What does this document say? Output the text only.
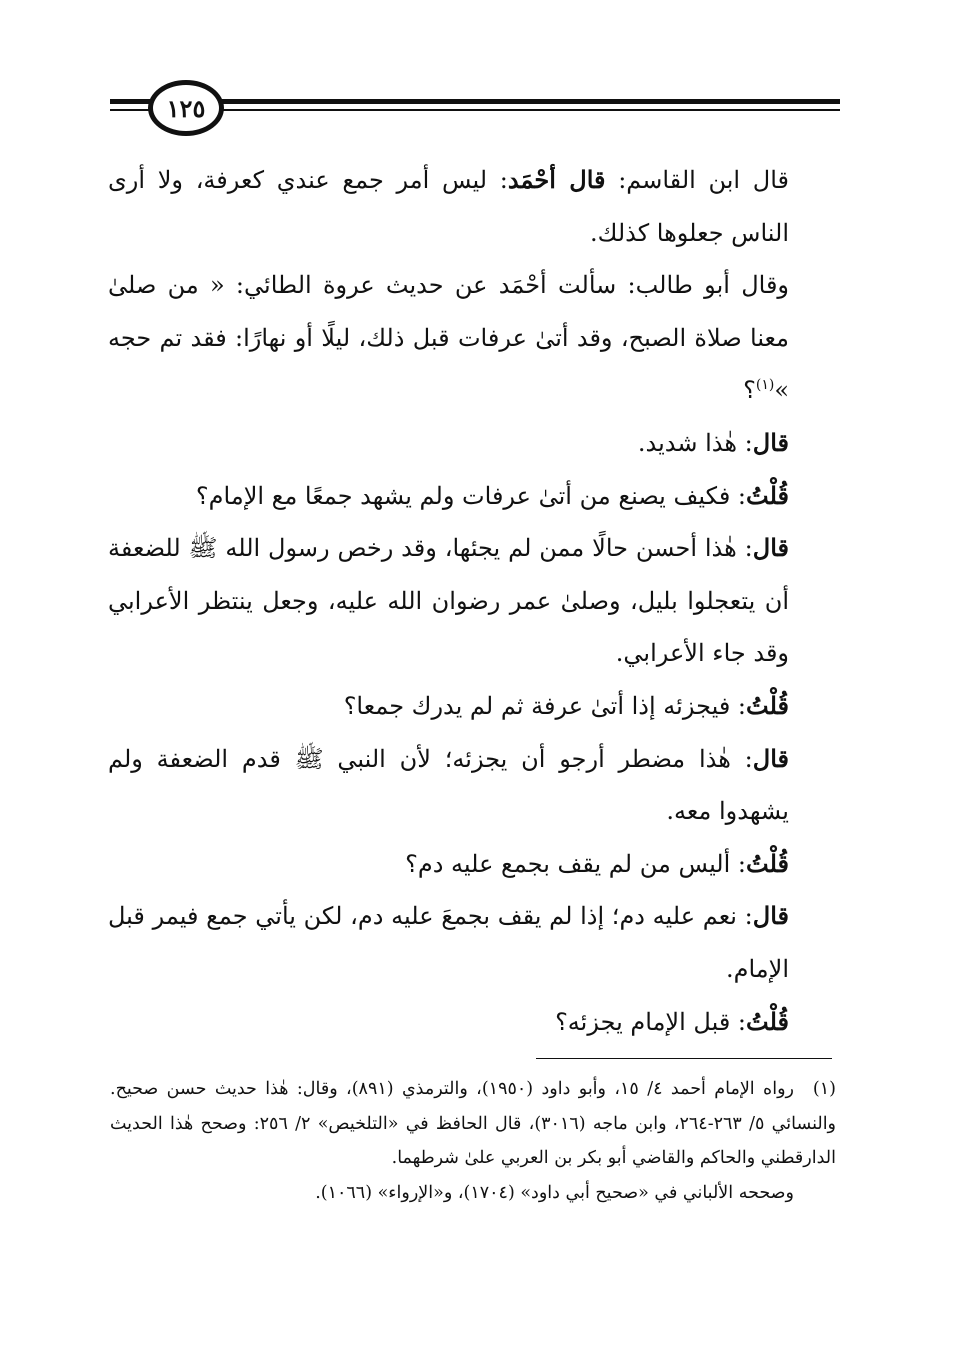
١٢٥

قال ابن القاسم: قال أحْمَد: ليس أمر جمع عندي كعرفة، ولا أرى الناس جعلوها كذلك.

وقال أبو طالب: سألت أحْمَد عن حديث عروة الطائي: « من صلىٰ معنا صلاة الصبح، وقد أتىٰ عرفات قبل ذلك، ليلًا أو نهارًا: فقد تم حجه »$^{(١)}$؟

قال: هٰذا شديد.

قُلْتُ: فكيف يصنع من أتىٰ عرفات ولم يشهد جمعًا مع الإمام؟

قال: هٰذا أحسن حالًا ممن لم يجئها، وقد رخص رسول الله ﷺ للضعفة أن يتعجلوا بليل، وصلىٰ عمر رضوان الله عليه، وجعل ينتظر الأعرابي وقد جاء الأعرابي.

قُلْتُ: فيجزئه إذا أتىٰ عرفة ثم لم يدرك جمعا؟

قال: هٰذا مضطر أرجو أن يجزئه؛ لأن النبي ﷺ قدم الضعفة ولم يشهدوا معه.

قُلْتُ: أليس من لم يقف بجمع عليه دم؟

قال: نعم عليه دم؛ إذا لم يقف بجمعَ عليه دم، لكن يأتي جمع فيمر قبل الإمام.

قُلْتُ: قبل الإمام يجزئه؟

(١)رواه الإمام أحمد ٤/ ١٥، وأبو داود (١٩٥٠)، والترمذي (٨٩١)، وقال: هٰذا حديث حسن صحيح. والنسائي ٥/ ٢٦٣-٢٦٤، وابن ماجه (٣٠١٦)، قال الحافظ في «التلخيص» ٢/ ٢٥٦: وصحح هٰذا الحديث الدارقطني والحاكم والقاضي أبو بكر بن العربي علىٰ شرطهما.

وصححه الألباني في «صحيح أبي داود» (١٧٠٤)، و«الإرواء» (١٠٦٦).
